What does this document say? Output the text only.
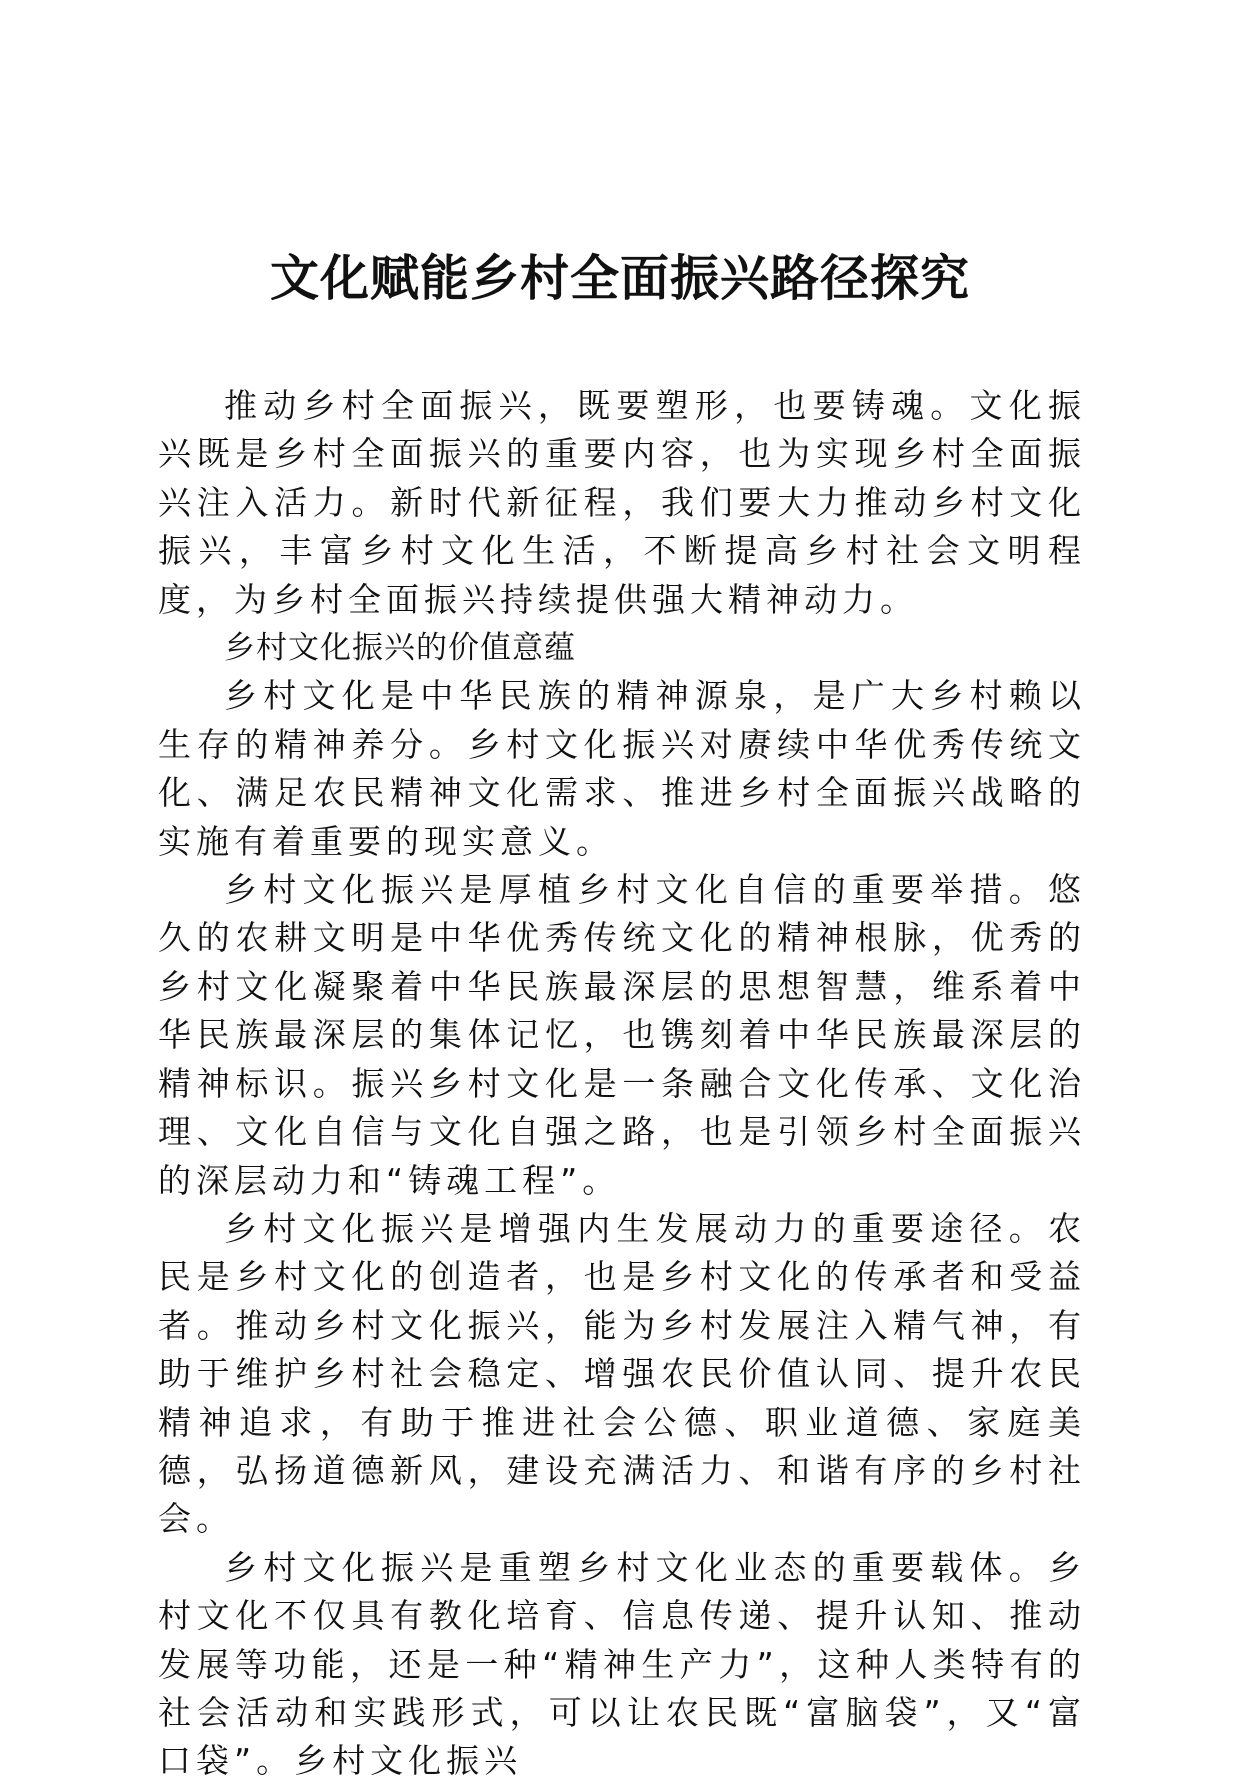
文化赋能乡村全面振兴路径探究

推动乡村全面振兴，既要塑形，也要铸魂。文化振兴既是乡村全面振兴的重要内容，也为实现乡村全面振兴注入活力。新时代新征程，我们要大力推动乡村文化振兴，丰富乡村文化生活，不断提高乡村社会文明程度，为乡村全面振兴持续提供强大精神动力。

乡村文化振兴的价值意蕴

乡村文化是中华民族的精神源泉，是广大乡村赖以生存的精神养分。乡村文化振兴对赓续中华优秀传统文化、满足农民精神文化需求、推进乡村全面振兴战略的实施有着重要的现实意义。

乡村文化振兴是厚植乡村文化自信的重要举措。悠久的农耕文明是中华优秀传统文化的精神根脉，优秀的乡村文化凝聚着中华民族最深层的思想智慧，维系着中华民族最深层的集体记忆，也镌刻着中华民族最深层的精神标识。振兴乡村文化是一条融合文化传承、文化治理、文化自信与文化自强之路，也是引领乡村全面振兴的深层动力和“铸魂工程”。

乡村文化振兴是增强内生发展动力的重要途径。农民是乡村文化的创造者，也是乡村文化的传承者和受益者。推动乡村文化振兴，能为乡村发展注入精气神，有助于维护乡村社会稳定、增强农民价值认同、提升农民精神追求，有助于推进社会公德、职业道德、家庭美德，弘扬道德新风，建设充满活力、和谐有序的乡村社会。

乡村文化振兴是重塑乡村文化业态的重要载体。乡村文化不仅具有教化培育、信息传递、提升认知、推动发展等功能，还是一种“精神生产力”，这种人类特有的社会活动和实践形式，可以让农民既“富脑袋”，又“富口袋”。乡村文化振兴
